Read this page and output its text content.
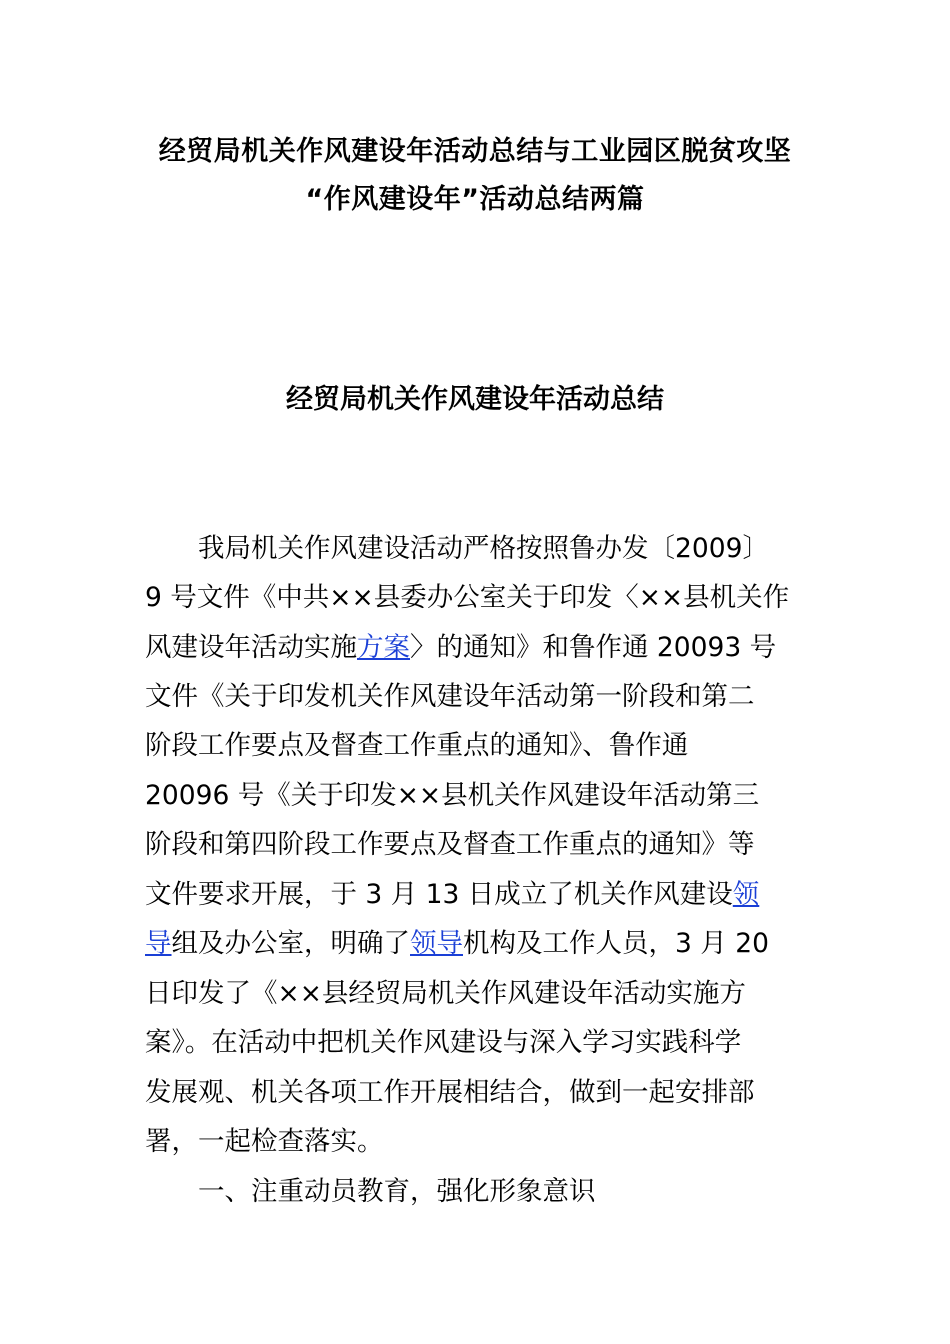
经贸局机关作风建设年活动总结与工业园区脱贫攻坚
“作风建设年”活动总结两篇
经贸局机关作风建设年活动总结

　　我局机关作风建设活动严格按照鲁办发〔2009〕

9 号文件《中共××县委办公室关于印发〈××县机关作

风建设年活动实施方案〉的通知》和鲁作通 20093 号

文件《关于印发机关作风建设年活动第一阶段和第二

阶段工作要点及督查工作重点的通知》、鲁作通

20096 号《关于印发××县机关作风建设年活动第三

阶段和第四阶段工作要点及督查工作重点的通知》等

文件要求开展，于 3 月 13 日成立了机关作风建设领

导组及办公室，明确了领导机构及工作人员，3 月 20

日印发了《××县经贸局机关作风建设年活动实施方

案》。在活动中把机关作风建设与深入学习实践科学

发展观、机关各项工作开展相结合，做到一起安排部

署，一起检查落实。

　　一、注重动员教育，强化形象意识
